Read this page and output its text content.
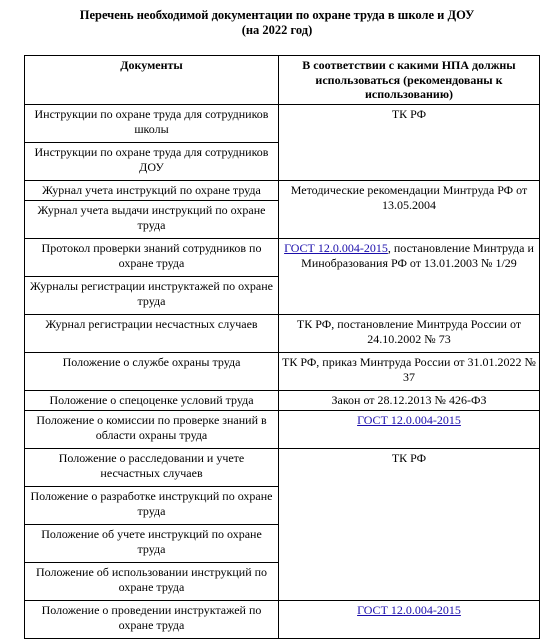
Перечень необходимой документации по охране труда в школе и ДОУ
(на 2022 год)
Документы	В соответствии с какими НПА должны использоваться (рекомендованы к использованию)
Инструкции по охране труда для сотрудников школы	ТК РФ
Инструкции по охране труда для сотрудников ДОУ	
Журнал учета инструкций по охране труда	Методические рекомендации Минтруда РФ от 13.05.2004
Журнал учета выдачи инструкций по охране труда	
Протокол проверки знаний сотрудников по охране труда	ГОСТ 12.0.004-2015, постановление Минтруда и Минобразования РФ от 13.01.2003 № 1/29
Журналы регистрации инструктажей по охране труда	
Журнал регистрации несчастных случаев	ТК РФ, постановление Минтруда России от 24.10.2002 № 73
Положение о службе охраны труда	ТК РФ, приказ Минтруда России от 31.01.2022 № 37
Положение о спецоценке условий труда	Закон от 28.12.2013 № 426-ФЗ
Положение о комиссии по проверке знаний в области охраны труда	ГОСТ 12.0.004-2015
Положение о расследовании и учете несчастных случаев	ТК РФ
Положение о разработке инструкций по охране труда	
Положение об учете инструкций по охране труда	
Положение об использовании инструкций по охране труда	
Положение о проведении инструктажей по охране труда	ГОСТ 12.0.004-2015
